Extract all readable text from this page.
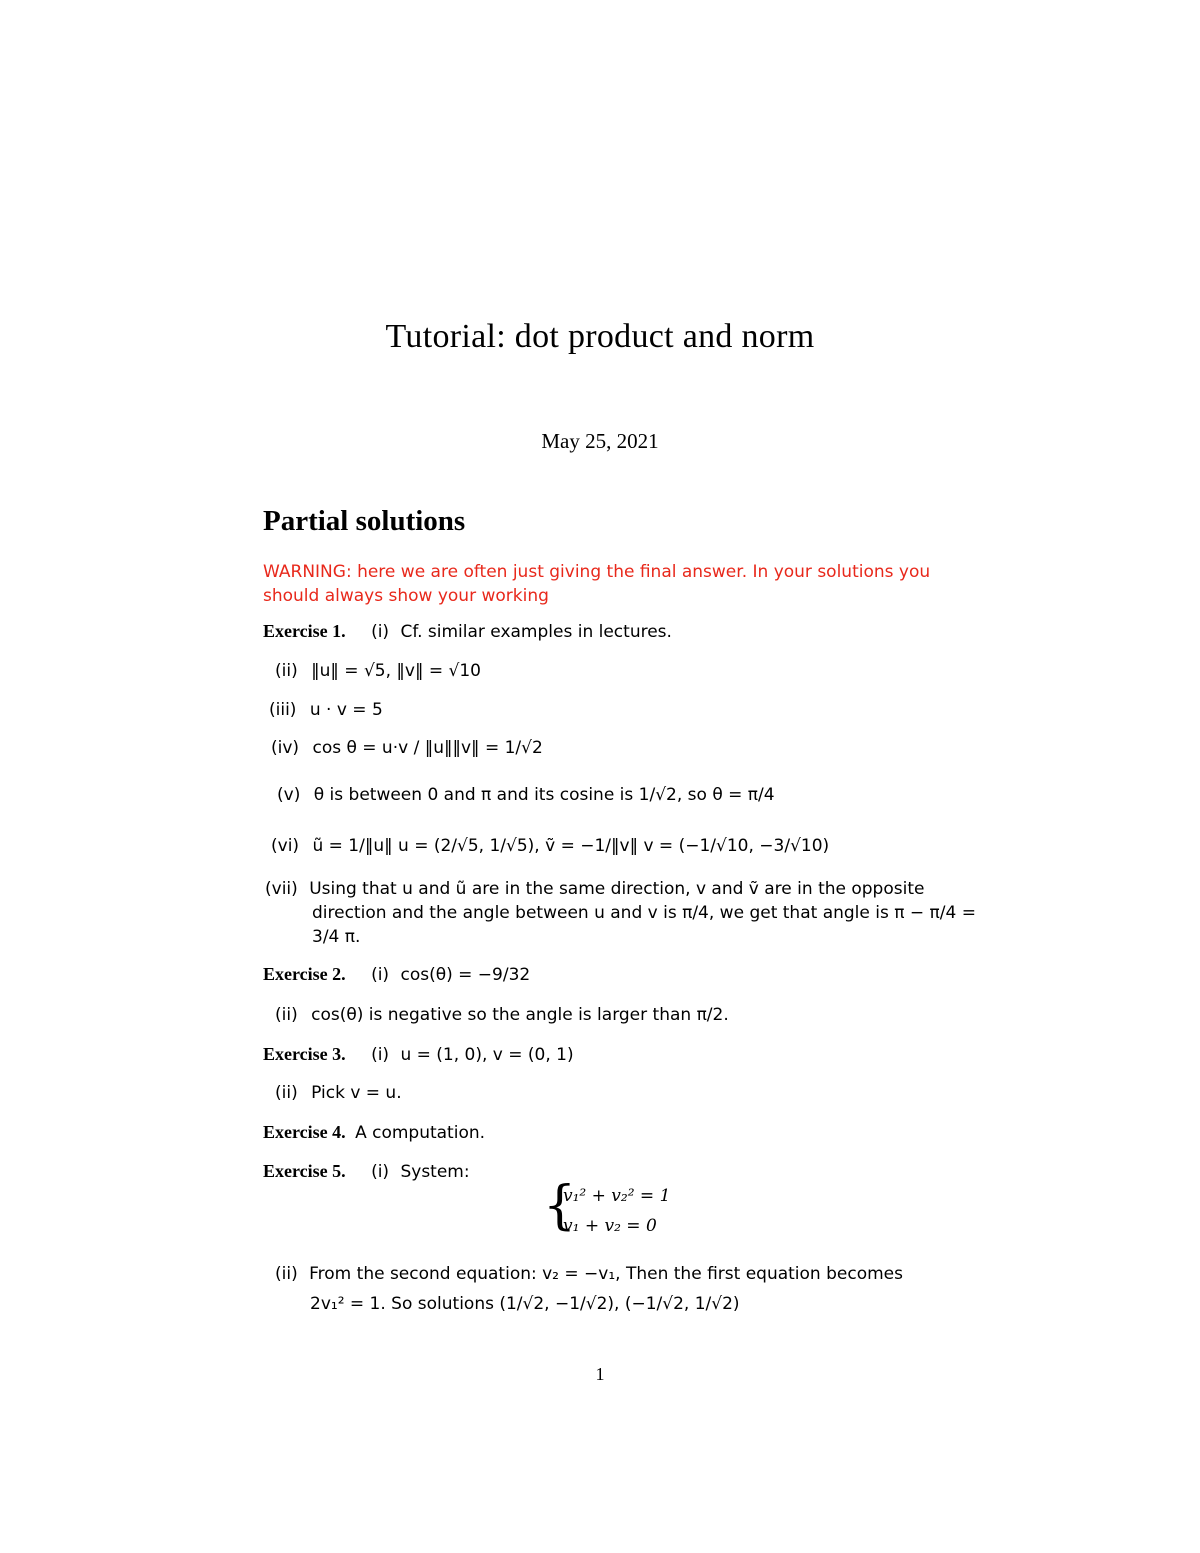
Tutorial: dot product and norm
May 25, 2021
Partial solutions
WARNING: here we are often just giving the final answer. In your solutions you should always show your working
Exercise 1. (i) Cf. similar examples in lectures.
(ii) ‖u‖ = √5, ‖v‖ = √10
(iii) u · v = 5
(iv) cos θ = u·v / ‖u‖‖v‖ = 1/√2
(v) θ is between 0 and π and its cosine is 1/√2, so θ = π/4
(vi) ũ = 1/‖u‖ u = (2/√5, 1/√5), ṽ = −1/‖v‖ v = (−1/√10, −3/√10)
(vii) Using that u and ũ are in the same direction, v and ṽ are in the opposite
direction and the angle between u and v is π/4, we get that angle is π − π/4 =
3/4 π.
Exercise 2. (i) cos(θ) = −9/32
(ii) cos(θ) is negative so the angle is larger than π/2.
Exercise 3. (i) u = (1, 0), v = (0, 1)
(ii) Pick v = u.
Exercise 4. A computation.
Exercise 5. (i) System:
{
v₁² + v₂² = 1
v₁ + v₂ = 0
(ii) From the second equation: v₂ = −v₁, Then the first equation becomes
2v₁² = 1. So solutions (1/√2, −1/√2), (−1/√2, 1/√2)
1
